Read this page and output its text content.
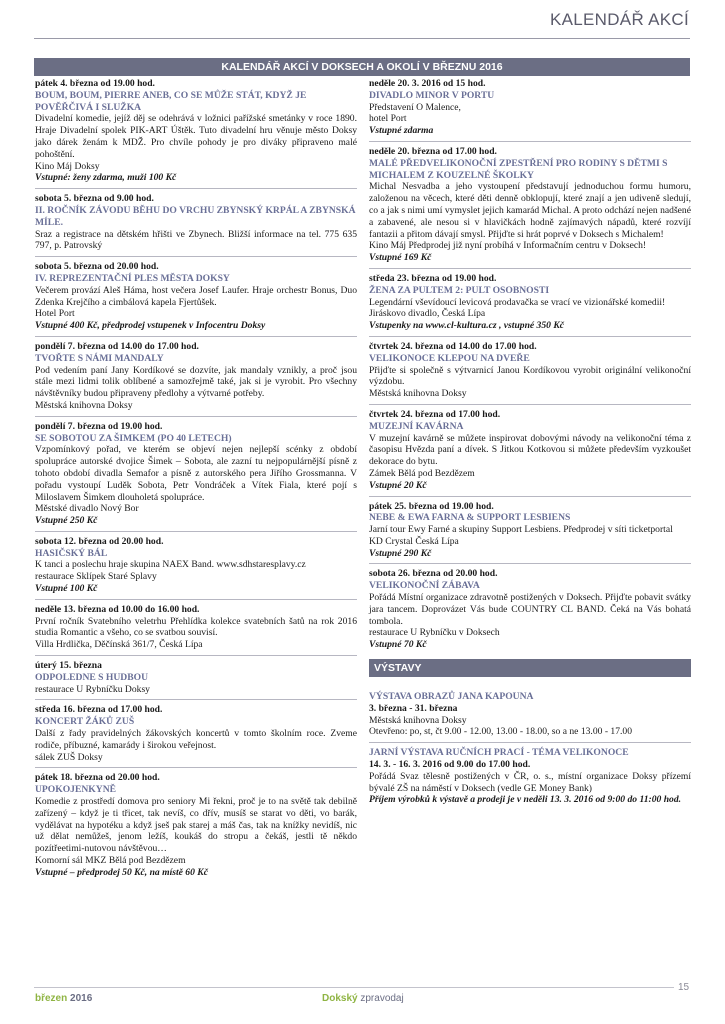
KALENDÁŘ AKCÍ
KALENDÁŘ AKCÍ V DOKSECH A OKOLÍ V BŘEZNU 2016
pátek 4. března od 19.00 hod.
BOUM, BOUM, PIERRE ANEB, CO SE MŮŽE STÁT, KDYŽ JE POVĚŘČIVÁ I SLUŽKA
Divadelní komedie, jejíž děj se odehrává v ložnici pařížské smetánky v roce 1890. Hraje Divadelní spolek PIK-ART Úštěk. Tuto divadelní hru věnuje město Doksy jako dárek ženám k MDŽ. Pro chvíle pohody je pro diváky připraveno malé pohoštění.
Kino Máj Doksy
Vstupné: ženy zdarma, muži 100 Kč
sobota 5. března od 9.00 hod.
II. ROČNÍK ZÁVODU BĚHU DO VRCHU ZBYNSKÝ KRPÁL A ZBYNSKÁ MÍLE.
Sraz a registrace na dětském hřišti ve Zbynech. Bližší informace na tel. 775 635 797, p. Patrovský
sobota 5. března od 20.00 hod.
IV. REPREZENTAČNÍ PLES MĚSTA DOKSY
Večerem provází Aleš Háma, host večera Josef Laufer. Hraje orchestr Bonus, Duo Zdenka Krejčího a cimbálová kapela Fjertůšek.
Hotel Port
Vstupné 400 Kč, předprodej vstupenek v Infocentru Doksy
pondělí 7. března od 14.00 do 17.00 hod.
TVOŘTE S NÁMI MANDALY
Pod vedením paní Jany Kordíkové se dozvíte, jak mandaly vznikly, a proč jsou stále mezi lidmi tolik oblíbené a samozřejmě také, jak si je vyrobit. Pro všechny návštěvníky budou připraveny předlohy a výtvarné potřeby.
Městská knihovna Doksy
pondělí 7. března od 19.00 hod.
SE SOBOTOU ZA ŠIMKEM (PO 40 LETECH)
Vzpomínkový pořad, ve kterém se objeví nejen nejlepší scénky z období spolupráce autorské dvojice Šimek – Sobota, ale zazní tu nejpopulárnější písně z tohoto období divadla Semafor a písně z autorského pera Jiřího Grossmanna. V pořadu vystoupí Luděk Sobota, Petr Vondráček a Vítek Fiala, které pojí s Miloslavem Šimkem dlouholetá spolupráce.
Městské divadlo Nový Bor
Vstupné 250 Kč
sobota 12. března od 20.00 hod.
HASIČSKÝ BÁL
K tanci a poslechu hraje skupina NAEX Band. www.sdhstaresplavy.cz
restaurace Sklípek Staré Splavy
Vstupné 100 Kč
neděle 13. března od 10.00 do 16.00 hod.
První ročník Svatebního veletrhu Přehlídka kolekce svatebních šatů na rok 2016 studia Romantic a všeho, co se svatbou souvisí.
Villa Hrdlička, Děčínská 361/7, Česká Lípa
úterý 15. března
ODPOLEDNE S HUDBOU
restaurace U Rybníčku Doksy
středa 16. března od 17.00 hod.
KONCERT ŽÁKŮ ZUŠ
Další z řady pravidelných žákovských koncertů v tomto školním roce. Zveme rodiče, příbuzné, kamarády i širokou veřejnost.
sálek ZUŠ Doksy
pátek 18. března od 20.00 hod.
UPOKOJENKYNĚ
Komedie z prostředí domova pro seniory Mi řekni, proč je to na světě tak debilně zařízený – když je ti třicet, tak nevíš, co dřív, musíš se starat vo děti, vo barák, vydělávat na hypotéku a když jseš pak starej a máš čas, tak na knížky nevidíš, nic už dělat nemůžeš, jenom ležíš, koukáš do stropu a čekáš, jestli tě někdo pozítřeetimi-nutovou návštěvou…
Komorní sál MKZ Bělá pod Bezdězem
Vstupné – předprodej 50 Kč, na místě 60 Kč
neděle 20. 3. 2016 od 15 hod.
DIVADLO MINOR V PORTU
Představení O Malence,
hotel Port
Vstupné zdarma
neděle 20. března od 17.00 hod.
MALÉ PŘEDVELIKONOČNÍ ZPESTŘENÍ PRO RODINY S DĚTMI S MICHALEM Z KOUZELNÉ ŠKOLKY
Michal Nesvadba a jeho vystoupení představují jednoduchou formu humoru, založenou na věcech, které děti denně obklopují, které znají a jen udiveně sledují, co a jak s nimi umí vymyslet jejich kamarád Michal. A proto odchází nejen nadšené a zabavené, ale nesou si v hlavičkách hodně zajímavých nápadů, které rozvíjí fantazii a přitom dávají smysl. Přijďte si hrát poprvé v Doksech s Michalem!
Kino Máj Předprodej již nyní probíhá v Informačním centru v Doksech!
Vstupné 169 Kč
středa 23. března od 19.00 hod.
ŽENA ZA PULTEM 2: PULT OSOBNOSTI
Legendární vševídoucí levicová prodavačka se vrací ve vizionářské komedii!
Jiráskovo divadlo, Česká Lípa
Vstupenky na www.cl-kultura.cz , vstupné 350 Kč
čtvrtek 24. března od 14.00 do 17.00 hod.
VELIKONOCE KLEPOU NA DVEŘE
Přijďte si společně s výtvarnicí Janou Kordíkovou vyrobit originální velikonoční výzdobu.
Městská knihovna Doksy
čtvrtek 24. března od 17.00 hod.
MUZEJNÍ KAVÁRNA
V muzejní kavárně se můžete inspirovat dobovými návody na velikonoční téma z časopisu Hvězda paní a dívek. S Jitkou Kotkovou si můžete především vyzkoušet dekorace do bytu.
Zámek Bělá pod Bezdězem
Vstupné 20 Kč
pátek 25. března od 19.00 hod.
NEBE & EWA FARNA & SUPPORT LESBIENS
Jarní tour Ewy Farné a skupiny Support Lesbiens. Předprodej v síti ticketportal
KD Crystal Česká Lípa
Vstupné 290 Kč
sobota 26. března od 20.00 hod.
VELIKONOČNÍ ZÁBAVA
Pořádá Místní organizace zdravotně postižených v Doksech. Přijďte pobavit svátky jara tancem. Doprovázet Vás bude COUNTRY CL BAND. Čeká na Vás bohatá tombola.
restaurace U Rybníčku v Doksech
Vstupné 70 Kč
VÝSTAVY
VÝSTAVA OBRAZŮ JANA KAPOUNA
3. března - 31. března
Městská knihovna Doksy
Otevřeno: po, st, čt 9.00 - 12.00, 13.00 - 18.00, so a ne 13.00 - 17.00
JARNÍ VÝSTAVA RUČNÍCH PRACÍ - TÉMA VELIKONOCE
14. 3. - 16. 3. 2016 od 9.00 do 17.00 hod.
Pořádá Svaz tělesně postižených v ČR, o. s., místní organizace Doksy přízemí bývalé ZŠ na náměstí v Doksech (vedle GE Money Bank)
Příjem výrobků k výstavě a prodeji je v neděli 13. 3. 2016 od 9:00 do 11:00 hod.
březen 2016	Dokský zpravodaj
15
